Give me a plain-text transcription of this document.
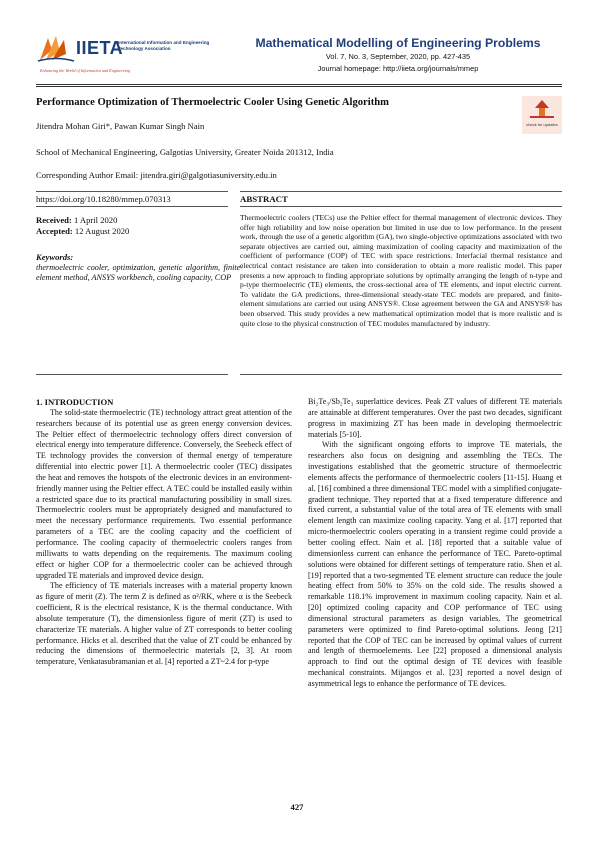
IIETA
International Information and Engineering Technology Association
Enhancing the World of Information and Engineering
Mathematical Modelling of Engineering Problems
Vol. 7, No. 3, September, 2020, pp. 427-435
Journal homepage: http://iieta.org/journals/mmep
check for updates
Performance Optimization of Thermoelectric Cooler Using Genetic Algorithm
Jitendra Mohan Giri*, Pawan Kumar Singh Nain
School of Mechanical Engineering, Galgotias University, Greater Noida 201312, India
Corresponding Author Email: jitendra.giri@galgotiasuniversity.edu.in
https://doi.org/10.18280/mmep.070313	ABSTRACT
Received: 1 April 2020
Accepted: 12 August 2020
Keywords:
thermoelectric cooler, optimization, genetic algorithm, finite-element method, ANSYS workbench, cooling capacity, COP
Thermoelectric coolers (TECs) use the Peltier effect for thermal management of electronic devices. They offer high reliability and low noise operation but limited in use due to low performance. In the present work, through the use of a genetic algorithm (GA), two single-objective optimizations associated with two separate objectives are carried out, aiming maximization of cooling capacity and maximization of the coefficient of performance (COP) of TEC with space restrictions. Interfacial thermal resistance and electrical contact resistance are taken into consideration to obtain a more realistic model. This paper presents a new approach to finding appropriate solutions by optimally arranging the length of n-type and p-type thermoelectric (TE) elements, the cross-sectional area of TE elements, and input electric current. To validate the GA predictions, three-dimensional steady-state TEC models are prepared, and finite-element simulations are carried out using ANSYS®. Close agreement between the GA and ANSYS® has been observed. This study provides a new mathematical optimization model that is more realistic and is quite close to the physical construction of TEC modules manufactured by industry.

1. INTRODUCTION

The solid-state thermoelectric (TE) technology attract great attention of the researchers because of its potential use as green energy conversion devices. The Peltier effect of thermoelectric technology offers direct conversion of electrical energy into temperature difference. Conversely, the Seebeck effect of TE technology provides the conversion of thermal energy of temperature differential into electric power [1]. A thermoelectric cooler (TEC) dissipates the heat and removes the hotspots of the electronic devices in an environment-friendly manner using the Peltier effect. A TEC could be installed easily within a restricted space due to its practical manufacturing possibility in small sizes. Thermoelectric coolers must be appropriately designed and manufactured to meet the necessary performance requirements. Two essential performance parameters of a TEC are the cooling capacity and the coefficient of performance. The cooling capacity of thermoelectric coolers ranges from milliwatts to watts depending on the requirements. The maximum cooling effect or higher COP for a thermoelectric cooler can be achieved through upgraded TE materials and improved device design.

The efficiency of TE materials increases with a material property known as figure of merit (Z). The term Z is defined as α²/RK, where α is the Seebeck coefficient, R is the electrical resistance, K is the thermal conductance. With absolute temperature (T), the dimensionless figure of merit (ZT) is used to characterize TE materials. A higher value of ZT corresponds to better cooling performance. Hicks et al. described that the value of ZT could be enhanced by reducing the dimensions of thermoelectric materials [2, 3]. At room temperature, Venkatasubramanian et al. [4] reported a ZT~2.4 for p-type

Bi₂Te₃/Sb₂Te₃ superlattice devices. Peak ZT values of different TE materials are attainable at different temperatures. Over the past two decades, significant progress in maximizing ZT has been made in developing thermoelectric materials [5-10].

With the significant ongoing efforts to improve TE materials, the researchers also focus on designing and assembling the TECs. The investigations established that the geometric structure of thermoelectric elements affects the performance of thermoelectric coolers [11-15]. Huang et al. [16] combined a three dimensional TEC model with a simplified conjugate-gradient technique. They reported that at a fixed temperature difference and fixed current, a substantial value of the total area of TE elements with small element length can maximize cooling capacity. Yang et al. [17] reported that micro-thermoelectric coolers operating in a transient regime could provide a better cooling effect. Nain et al. [18] reported that a suitable value of dimensionless current can enhance the performance of TEC. Pareto-optimal solutions were obtained for different settings of temperature ratio. Shen et al. [19] reported that a two-segmented TE element structure can reduce the joule heating effect from 50% to 35% on the cold side. The results showed a remarkable 118.1% improvement in maximum cooling capacity. Nain et al. [20] optimized cooling capacity and COP performance of TEC using dimensional structural parameters as design variables. The geometrical parameters were optimized to find Pareto-optimal solutions. Jeong [21] reported that the COP of TEC can be increased by optimal values of current and length of thermoelements. Lee [22] proposed a dimensional analysis approach to find out the optimal design of TE devices with feasible mechanical constraints. Mijangos et al. [23] reported a novel design of asymmetrical legs to enhance the performance of TE devices.

427
